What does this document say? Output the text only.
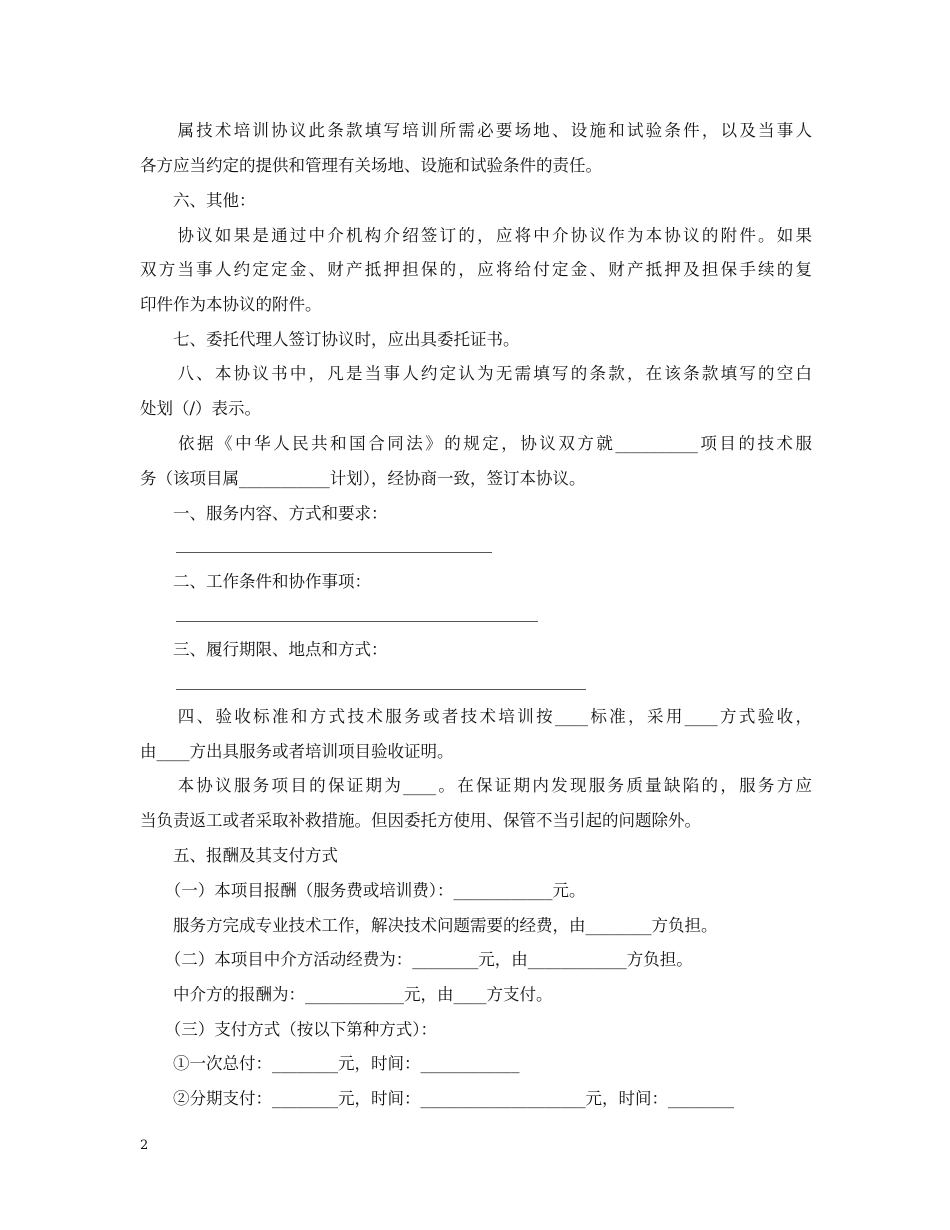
　　属技术培训协议此条款填写培训所需必要场地、设施和试验条件，以及当事人
各方应当约定的提供和管理有关场地、设施和试验条件的责任。
　　六、其他：
　　协议如果是通过中介机构介绍签订的，应将中介协议作为本协议的附件。如果
双方当事人约定定金、财产抵押担保的，应将给付定金、财产抵押及担保手续的复
印件作为本协议的附件。
　　七、委托代理人签订协议时，应出具委托证书。
　　八、本协议书中，凡是当事人约定认为无需填写的条款，在该条款填写的空白
处划（/）表示。
　　依据《中华人民共和国合同法》的规定，协议双方就__________项目的技术服
务（该项目属___________计划），经协商一致，签订本协议。
　　一、服务内容、方式和要求：
　　二、工作条件和协作事项：
　　三、履行期限、地点和方式：
　　四、验收标准和方式技术服务或者技术培训按____标准，采用____方式验收，
由____方出具服务或者培训项目验收证明。
　　本协议服务项目的保证期为____。在保证期内发现服务质量缺陷的，服务方应
当负责返工或者采取补救措施。但因委托方使用、保管不当引起的问题除外。
　　五、报酬及其支付方式
　　（一）本项目报酬（服务费或培训费）：____________元。
　　服务方完成专业技术工作，解决技术问题需要的经费，由________方负担。
　　（二）本项目中介方活动经费为：________元，由____________方负担。
　　中介方的报酬为：____________元，由____方支付。
　　（三）支付方式（按以下第种方式）：
　　①一次总付：________元，时间：____________
　　②分期支付：________元，时间：____________________元，时间：________
2
